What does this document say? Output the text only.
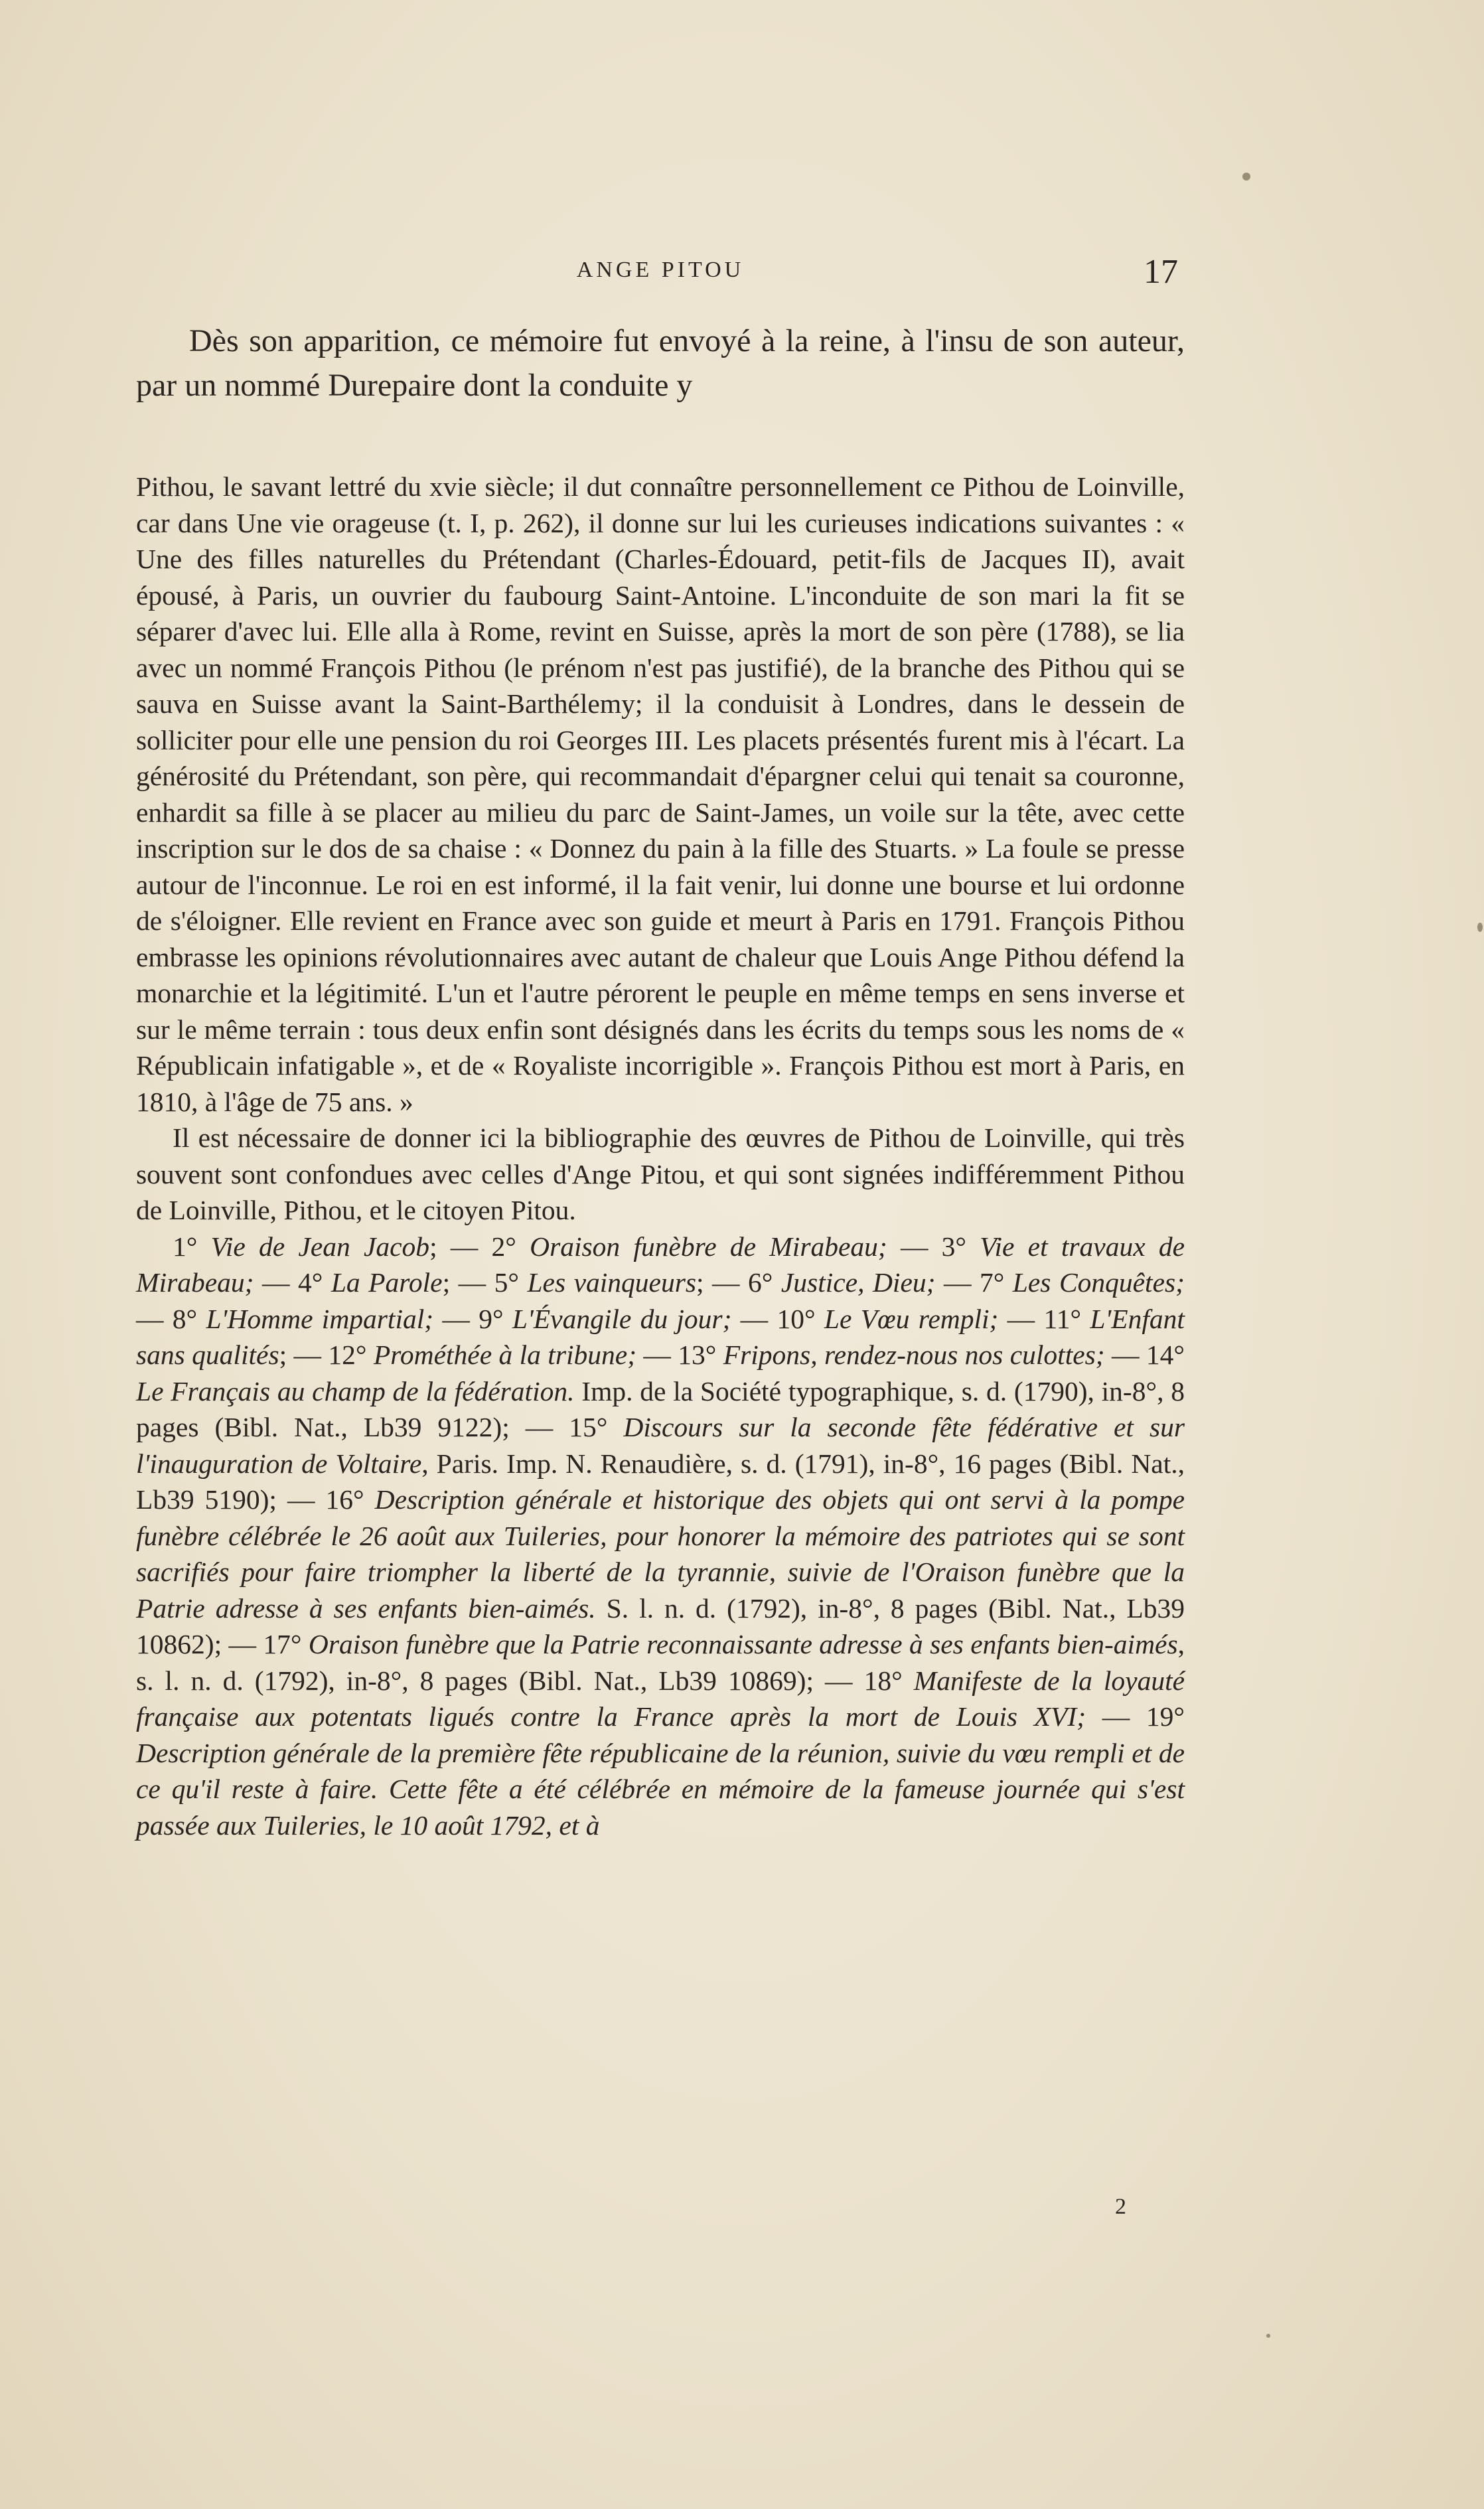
ANGE PITOU	17
Dès son apparition, ce mémoire fut envoyé à la reine, à l'insu de son auteur, par un nommé Durepaire dont la conduite y

Pithou, le savant lettré du xvie siècle; il dut connaître personnellement ce Pithou de Loinville, car dans Une vie orageuse (t. I, p. 262), il donne sur lui les curieuses indications suivantes : « Une des filles naturelles du Prétendant (Charles-Édouard, petit-fils de Jacques II), avait épousé, à Paris, un ouvrier du faubourg Saint-Antoine. L'inconduite de son mari la fit se séparer d'avec lui. Elle alla à Rome, revint en Suisse, après la mort de son père (1788), se lia avec un nommé François Pithou (le prénom n'est pas justifié), de la branche des Pithou qui se sauva en Suisse avant la Saint-Barthélemy; il la conduisit à Londres, dans le dessein de solliciter pour elle une pension du roi Georges III. Les placets présentés furent mis à l'écart. La générosité du Prétendant, son père, qui recommandait d'épargner celui qui tenait sa couronne, enhardit sa fille à se placer au milieu du parc de Saint-James, un voile sur la tête, avec cette inscription sur le dos de sa chaise : « Donnez du pain à la fille des Stuarts. » La foule se presse autour de l'inconnue. Le roi en est informé, il la fait venir, lui donne une bourse et lui ordonne de s'éloigner. Elle revient en France avec son guide et meurt à Paris en 1791. François Pithou embrasse les opinions révolutionnaires avec autant de chaleur que Louis Ange Pithou défend la monarchie et la légitimité. L'un et l'autre pérorent le peuple en même temps en sens inverse et sur le même terrain : tous deux enfin sont désignés dans les écrits du temps sous les noms de « Républicain infatigable », et de « Royaliste incorrigible ». François Pithou est mort à Paris, en 1810, à l'âge de 75 ans. »

Il est nécessaire de donner ici la bibliographie des œuvres de Pithou de Loinville, qui très souvent sont confondues avec celles d'Ange Pitou, et qui sont signées indifféremment Pithou de Loinville, Pithou, et le citoyen Pitou.

1° Vie de Jean Jacob; — 2° Oraison funèbre de Mirabeau; — 3° Vie et travaux de Mirabeau; — 4° La Parole; — 5° Les vainqueurs; — 6° Justice, Dieu; — 7° Les Conquêtes; — 8° L'Homme impartial; — 9° L'Évangile du jour; — 10° Le Vœu rempli; — 11° L'Enfant sans qualités; — 12° Prométhée à la tribune; — 13° Fripons, rendez-nous nos culottes; — 14° Le Français au champ de la fédération. Imp. de la Société typographique, s. d. (1790), in-8°, 8 pages (Bibl. Nat., Lb39 9122); — 15° Discours sur la seconde fête fédérative et sur l'inauguration de Voltaire, Paris. Imp. N. Renaudière, s. d. (1791), in-8°, 16 pages (Bibl. Nat., Lb39 5190); — 16° Description générale et historique des objets qui ont servi à la pompe funèbre célébrée le 26 août aux Tuileries, pour honorer la mémoire des patriotes qui se sont sacrifiés pour faire triompher la liberté de la tyrannie, suivie de l'Oraison funèbre que la Patrie adresse à ses enfants bien-aimés. S. l. n. d. (1792), in-8°, 8 pages (Bibl. Nat., Lb39 10862); — 17° Oraison funèbre que la Patrie reconnaissante adresse à ses enfants bien-aimés, s. l. n. d. (1792), in-8°, 8 pages (Bibl. Nat., Lb39 10869); — 18° Manifeste de la loyauté française aux potentats ligués contre la France après la mort de Louis XVI; — 19° Description générale de la première fête républicaine de la réunion, suivie du vœu rempli et de ce qu'il reste à faire. Cette fête a été célébrée en mémoire de la fameuse journée qui s'est passée aux Tuileries, le 10 août 1792, et à

2
